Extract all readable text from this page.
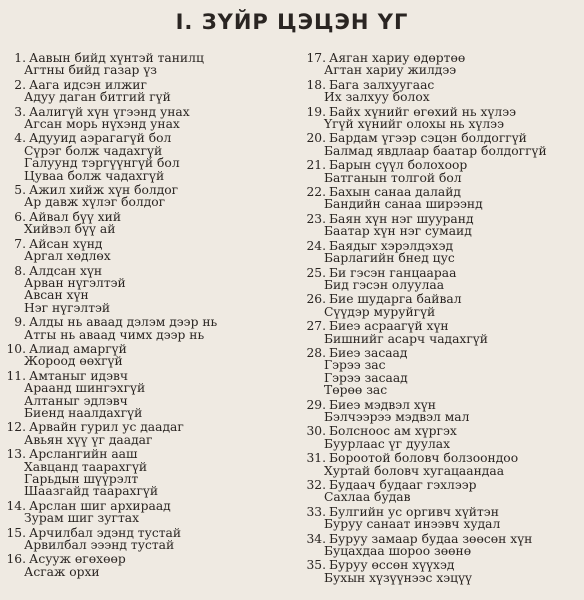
I. ЗҮЙР ЦЭЦЭН ҮГ
1. Аавын бийд хүнтэй танилц
Агтны бийд газар үз
2. Аага идсэн илжиг
Адуу даган битгий гүй
3. Аалигүй хүн үгээнд унах
Агсан морь нүхэнд унах
4. Адууид аэрагагүй бол
Сүрэг болж чадахгүй
Галуунд тэргүүнгүй бол
Цуваа болж чадахгүй
5. Ажил хийж хүн болдог
Ар давж хүлэг болдог
6. Айвал бүү хий
Хийвэл бүү ай
7. Айсан хүнд
Аргал хөдлөх
8. Алдсан хүн
Арван нүгэлтэй
Авсан хүн
Нэг нүгэлтэй
9. Алды нь аваад дэлэм дээр нь
Атгы нь аваад чимх дээр нь
10. Алиад амаргүй
Жороод өөхгүй
11. Амтаныг идэвч
Араанд шингэхгүй
Алтаныг эдлэвч
Биенд наалдахгүй
12. Арвайн гурил ус даадаг
Авьян хүү үг даадаг
13. Арслангийн ааш
Хавцанд таарахгүй
Гарьдын шүүрэлт
Шаазгайд таарахгүй
14. Арслан шиг архираад
Зурам шиг зугтах
15. Арчилбал эдэнд тустай
Арвилбал эээнд тустай
16. Асууж өгөхөөр
Асгаж орхи
17. Аяган хариу өдөртөө
Агтан хариу жилдээ
18. Бага залхуугаас
Их залхуу болох
19. Байх хүнийг өгөхий нь хүлээ
Үгүй хүнийг олохы нь хүлээ
20. Бардам үгээр сэцэн болдоггүй
Балмад явдлаар баатар болдоггүй
21. Барын сүүл болохоор
Батганын толгой бол
22. Бахын санаа далайд
Бандийн санаа ширээнд
23. Баян хүн нэг шууранд
Баатар хүн нэг сумаид
24. Баядыг хэрэлдэхэд
Барлагийн бнед цус
25. Би гэсэн ганцаараа
Бид гэсэн олуулаа
26. Бие шударга байвал
Сүүдэр муруйгүй
27. Биеэ асраагүй хүн
Бишнийг асарч чадахгүй
28. Биеэ засаад
Гэрээ зас
Гэрээ засаад
Төрөө зас
29. Биеэ мэдвэл хүн
Бэлчээрээ мэдвэл мал
30. Болсноос ам хүргэх
Буурлаас үг дуулах
31. Бороотой боловч болзоондоо
Хуртай боловч хугацаандаа
32. Будаач будааг гэхлээр
Сахлаа будав
33. Булгийн ус оргивч хүйтэн
Буруу санаат инээвч худал
34. Буруу замаар будаа зөөсөн хүн
Буцахдаа шороо зөөнө
35. Буруу өссөн хүүхэд
Бухын хүзүүнээс хэцүү
